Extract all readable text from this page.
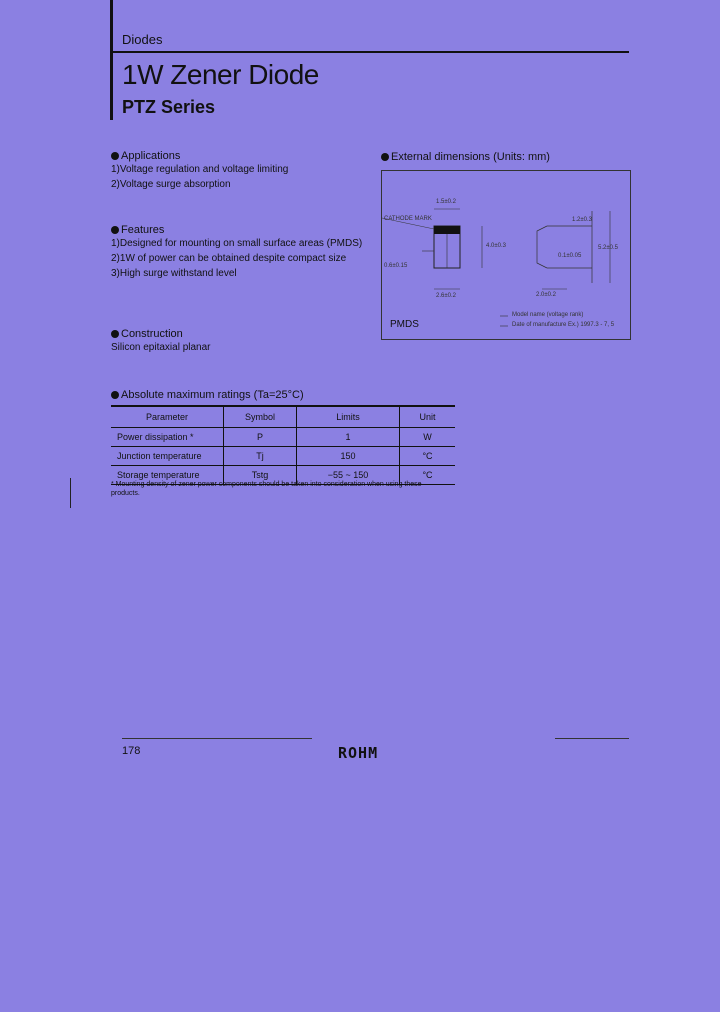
Diodes
1W Zener Diode
PTZ Series
Applications
1)Voltage regulation and voltage limiting
2)Voltage surge absorption
Features
1)Designed for mounting on small surface areas (PMDS)
2)1W of power can be obtained despite compact size
3)High surge withstand level
Construction
Silicon epitaxial planar
External dimensions (Units: mm)
CATHODE MARK
1.5±0.2
0.6±0.15
2.6±0.2
4.0±0.3
1.2±0.3
5.2±0.5
0.1±0.05
2.0±0.2
PMDS
Model name (voltage rank)
Date of manufacture Ex.) 1997.3 - 7, 5
Absolute maximum ratings (Ta=25°C)
Parameter	Symbol	Limits	Unit
Power dissipation *	P	1	W
Junction temperature	Tj	150	°C
Storage temperature	Tstg	−55 ~ 150	°C
* Mounting density of zener power components should be taken into consideration when using these products.
178	ROHM
